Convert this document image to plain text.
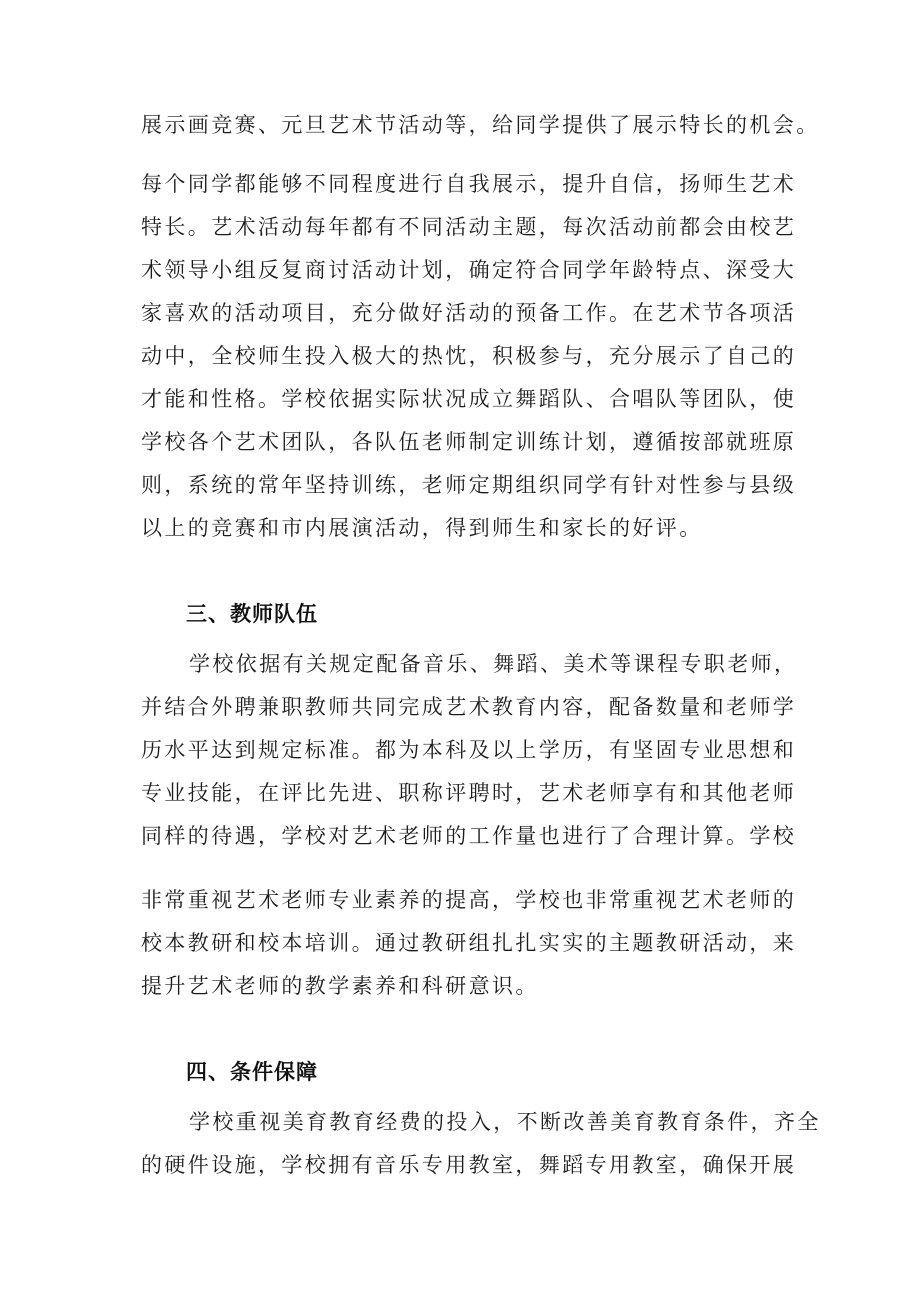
展示画竞赛、元旦艺术节活动等，给同学提供了展示特长的机会。

每个同学都能够不同程度进行自我展示，提升自信，扬师生艺术

特长。艺术活动每年都有不同活动主题，每次活动前都会由校艺

术领导小组反复商讨活动计划，确定符合同学年龄特点、深受大

家喜欢的活动项目，充分做好活动的预备工作。在艺术节各项活

动中，全校师生投入极大的热忱，积极参与，充分展示了自己的

才能和性格。学校依据实际状况成立舞蹈队、合唱队等团队，使

学校各个艺术团队，各队伍老师制定训练计划，遵循按部就班原

则，系统的常年坚持训练，老师定期组织同学有针对性参与县级

以上的竞赛和市内展演活动，得到师生和家长的好评。

三、教师队伍

学校依据有关规定配备音乐、舞蹈、美术等课程专职老师，

并结合外聘兼职教师共同完成艺术教育内容，配备数量和老师学

历水平达到规定标准。都为本科及以上学历，有坚固专业思想和

专业技能，在评比先进、职称评聘时，艺术老师享有和其他老师

同样的待遇，学校对艺术老师的工作量也进行了合理计算。学校

非常重视艺术老师专业素养的提高，学校也非常重视艺术老师的

校本教研和校本培训。通过教研组扎扎实实的主题教研活动，来

提升艺术老师的教学素养和科研意识。

四、条件保障

学校重视美育教育经费的投入，不断改善美育教育条件，齐全

的硬件设施，学校拥有音乐专用教室，舞蹈专用教室，确保开展
